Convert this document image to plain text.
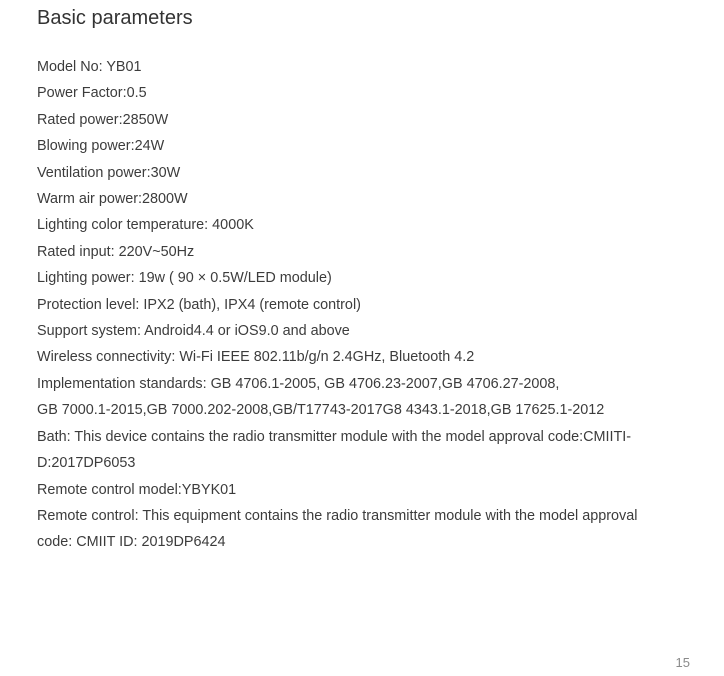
Basic parameters
Model No: YB01
Power Factor:0.5
Rated power:2850W
Blowing power:24W
Ventilation power:30W
Warm air power:2800W
Lighting color temperature: 4000K
Rated input: 220V~50Hz
Lighting power: 19w ( 90 × 0.5W/LED module)
Protection level: IPX2 (bath), IPX4 (remote control)
Support system: Android4.4 or iOS9.0 and above
Wireless connectivity: Wi-Fi IEEE 802.11b/g/n 2.4GHz, Bluetooth 4.2
Implementation standards: GB 4706.1-2005, GB 4706.23-2007,GB 4706.27-2008,
GB 7000.1-2015,GB 7000.202-2008,GB/T17743-2017G8 4343.1-2018,GB 17625.1-2012
Bath: This device contains the radio transmitter module with the model approval code:CMIITI-
D:2017DP6053
Remote control model:YBYK01
Remote control: This equipment contains the radio transmitter module with the model approval
code: CMIIT ID: 2019DP6424
15
